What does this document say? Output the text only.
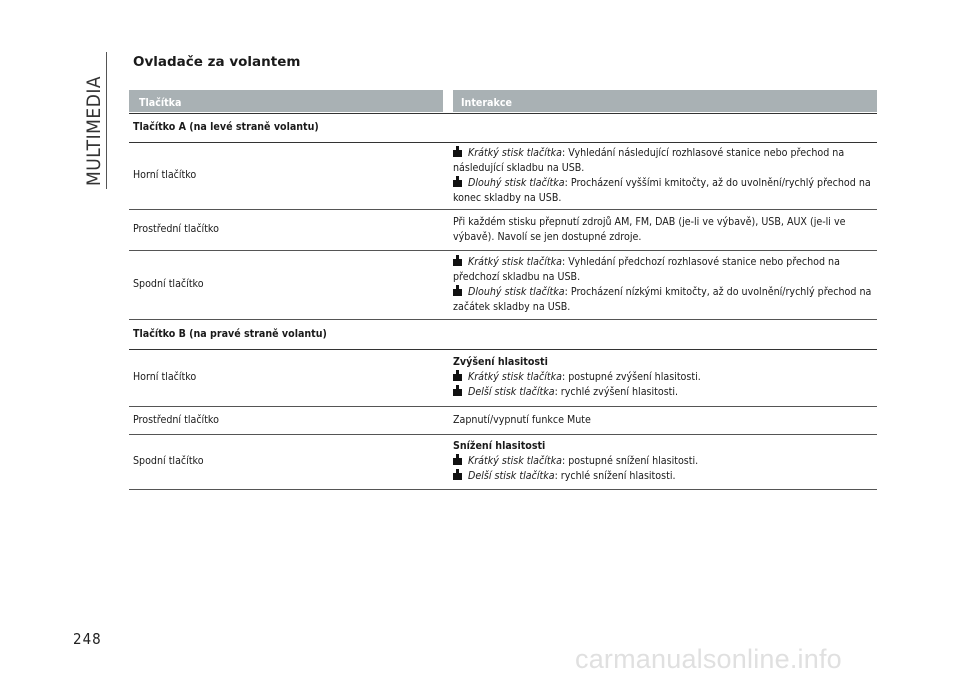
MULTIMEDIA
Ovladače za volantem
Tlačítka	Interakce
Tlačítko A (na levé straně volantu)
Horní tlačítko
Krátký stisk tlačítka: Vyhledání následující rozhlasové stanice nebo přechod na následující skladbu na USB.
Dlouhý stisk tlačítka: Procházení vyššími kmitočty, až do uvolnění/rychlý přechod na konec skladby na USB.
Prostřední tlačítko
Při každém stisku přepnutí zdrojů AM, FM, DAB (je-li ve výbavě), USB, AUX (je-li ve výbavě). Navolí se jen dostupné zdroje.
Spodní tlačítko
Krátký stisk tlačítka: Vyhledání předchozí rozhlasové stanice nebo přechod na předchozí skladbu na USB.
Dlouhý stisk tlačítka: Procházení nízkými kmitočty, až do uvolnění/rychlý přechod na začátek skladby na USB.
Tlačítko B (na pravé straně volantu)
Horní tlačítko
Zvýšení hlasitosti
Krátký stisk tlačítka: postupné zvýšení hlasitosti.
Delší stisk tlačítka: rychlé zvýšení hlasitosti.
Prostřední tlačítko	Zapnutí/vypnutí funkce Mute
Spodní tlačítko
Snížení hlasitosti
Krátký stisk tlačítka: postupné snížení hlasitosti.
Delší stisk tlačítka: rychlé snížení hlasitosti.
248
carmanualsonline.info
